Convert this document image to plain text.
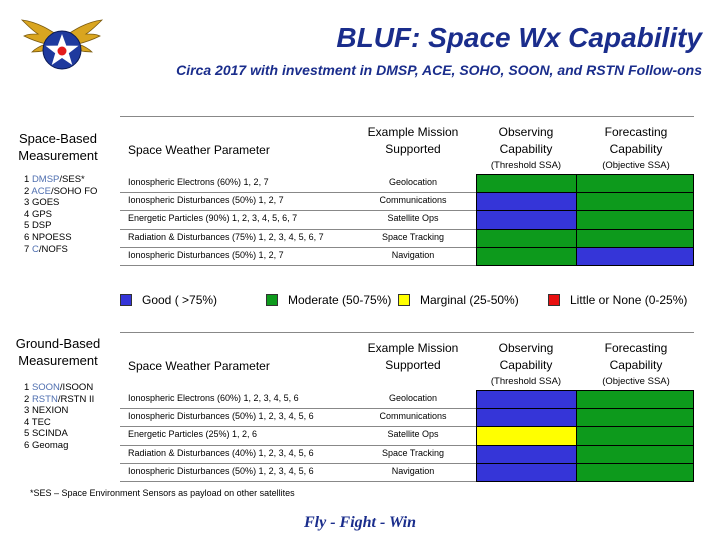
BLUF: Space Wx Capability
Circa 2017 with investment in DMSP, ACE, SOHO, SOON, and RSTN Follow-ons
Space-Based Measurement
1 DMSP/SES*
2 ACE/SOHO FO
3 GOES
4 GPS
5 DSP
6 NPOESS
7 C/NOFS
Space Weather Parameter
Example Mission Supported
Observing Capability
Forecasting Capability
(Threshold SSA)	(Objective SSA)
Ionospheric Electrons (60%) 1, 2, 7	Geolocation
Ionospheric Disturbances (50%) 1, 2, 7	Communications
Energetic Particles (90%) 1, 2, 3, 4, 5, 6, 7	Satellite Ops
Radiation & Disturbances (75%) 1, 2, 3, 4, 5, 6, 7	Space Tracking
Ionospheric Disturbances (50%) 1, 2, 7	Navigation
Good ( >75%)	Moderate (50-75%) Marginal (25-50%)	Little or None (0-25%)
Ground-Based Measurement
1 SOON/ISOON
2 RSTN/RSTN II
3 NEXION
4 TEC
5 SCINDA
6 Geomag
Space Weather Parameter
Example Mission Supported
Observing Capability
Forecasting Capability
(Threshold SSA)	(Objective SSA)
Ionospheric Electrons (60%) 1, 2, 3, 4, 5, 6	Geolocation
Ionospheric Disturbances (50%) 1, 2, 3, 4, 5, 6	Communications
Energetic Particles (25%) 1, 2, 6	Satellite Ops
Radiation & Disturbances (40%) 1, 2, 3, 4, 5, 6	Space Tracking
Ionospheric Disturbances (50%) 1, 2, 3, 4, 5, 6	Navigation
*SES – Space Environment Sensors as payload on other satellites
Fly - Fight - Win
